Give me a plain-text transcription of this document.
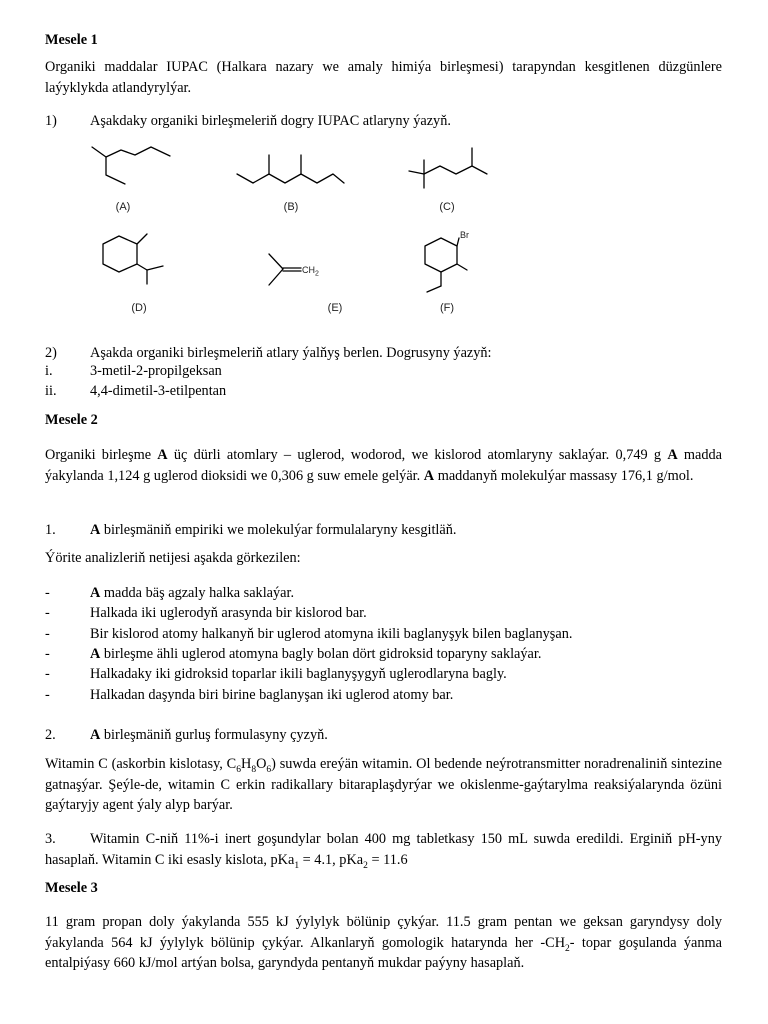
Mesele 1
Organiki maddalar IUPAC (Halkara nazary we amaly himiýa birleşmesi) tarapyndan kesgitlenen düzgünlere laýyklykda atlandyrylýar.
1) Aşakdaky organiki birleşmeleriň dogry IUPAC atlaryny ýazyň.
(A)	(B)	(C)
(D)
$CH_2$
(E)
Br
(F)
2) Aşakda organiki birleşmeleriň atlary ýalňyş berlen. Dogrusyny ýazyň:
i.	3-metil-2-propilgeksan
ii. 4,4-dimetil-3-etilpentan
Mesele 2
Organiki birleşme A üç dürli atomlary – uglerod, wodorod, we kislorod atomlaryny saklaýar. 0,749 g A madda ýakylanda 1,124 g uglerod dioksidi we 0,306 g suw emele gelýär. A maddanyň molekulýar massasy 176,1 g/mol.
1. A birleşmäniň empiriki we molekulýar formulalaryny kesgitläň.
Ýörite analizleriň netijesi aşakda görkezilen:
-	A madda bäş agzaly halka saklaýar.
-	Halkada iki uglerodyň arasynda bir kislorod bar.
-	Bir kislorod atomy halkanyň bir uglerod atomyna ikili baglanyşyk bilen baglanyşan.
-	A birleşme ähli uglerod atomyna bagly bolan dört gidroksid toparyny saklaýar.
-	Halkadaky iki gidroksid toparlar ikili baglanyşygyň uglerodlaryna bagly.
-	Halkadan daşynda biri birine baglanyşan iki uglerod atomy bar.
2. A birleşmäniň gurluş formulasyny çyzyň.
Witamin C (askorbin kislotasy, $C_6H_8O_6$) suwda ereýän witamin. Ol bedende neýrotransmitter noradrenaliniň sintezine gatnaşýar. Şeýle-de, witamin C erkin radikallary bitaraplaşdyrýar we okislenme-gaýtarylma reaksiýalarynda özüni gaýtaryjy agent ýaly alyp barýar.
3. Witamin C-niň 11%-i inert goşundylar bolan 400 mg tabletkasy 150 mL suwda eredildi. Erginiň pH-yny hasaplaň. Witamin C iki esasly kislota, pKa$_1$ = 4.1, pKa$_2$ = 11.6
Mesele 3
11 gram propan doly ýakylanda 555 kJ ýylylyk bölünip çykýar. 11.5 gram pentan we geksan garyndysy doly ýakylanda 564 kJ ýylylyk bölünip çykýar. Alkanlaryň gomologik hatarynda her $-CH_2-$ topar goşulanda ýanma entalpiýasy 660 kJ/mol artýan bolsa, garyndyda pentanyň mukdar paýyny hasaplaň.
